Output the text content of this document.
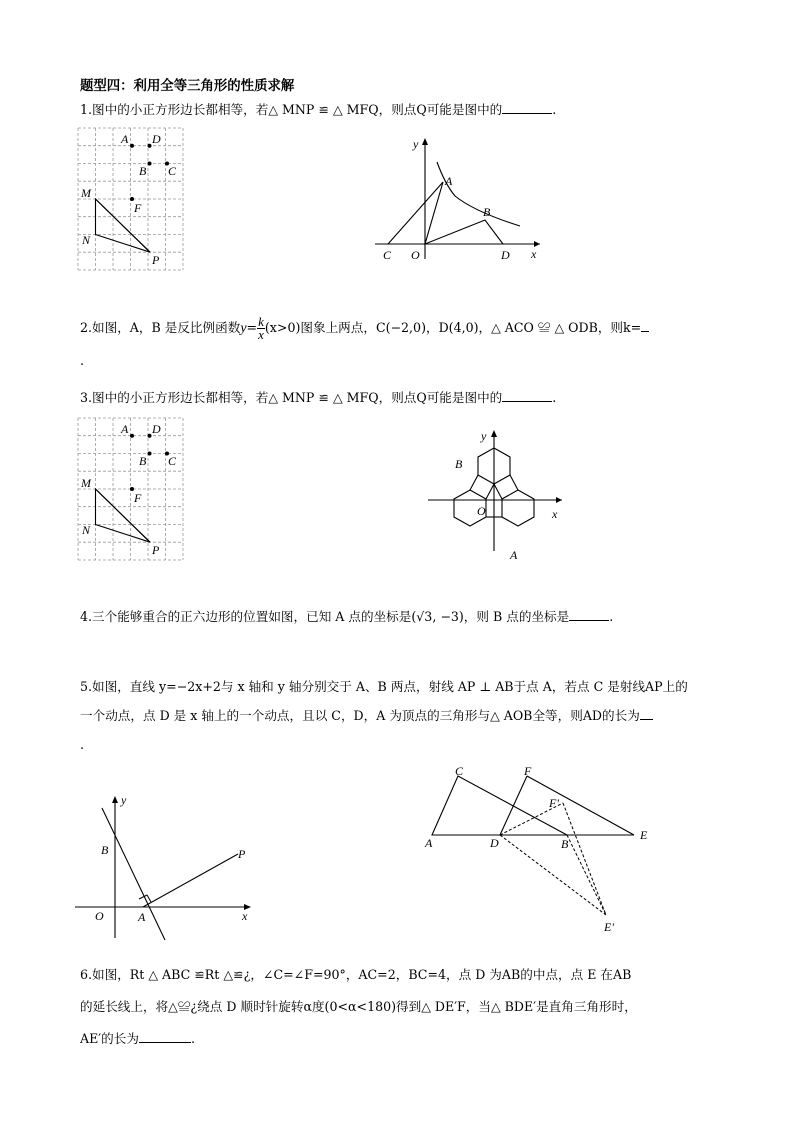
题型四：利用全等三角形的性质求解
1.图中的小正方形边长都相等，若△ MNP ≌ △ MFQ，则点Q可能是图中的	.
A D
B C
M
F
N
P
y
A
B
C O	D x
2.如图，A，B 是反比例函数$y= \frac{k}{x} (x>0)$图象上两点，C(−2,0)，D(4,0)，△ ACO ≌ △ ODB，则k=
.
3.图中的小正方形边长都相等，若△ MNP ≌ △ MFQ，则点Q可能是图中的	.
A D
B C
M
F
N
P
y
B
O	x
A
4.三个能够重合的正六边形的位置如图，已知 A 点的坐标是(√3, −3)，则 B 点的坐标是	.
5.如图，直线 y=−2x+2与 x 轴和 y 轴分别交于 A、B 两点，射线 AP ⊥ AB于点 A，若点 C 是射线AP上的
一个动点，点 D 是 x 轴上的一个动点，且以 C，D，A 为顶点的三角形与△ AOB全等，则AD的长为
.
y
B	P
O	A	x
C	F
F'
A	D	B
E
E'
6.如图，Rt △ ABC ≌Rt △≌¿，∠C=∠F=90°，AC=2，BC=4，点 D 为AB的中点，点 E 在AB
的延长线上，将△≌¿绕点 D 顺时针旋转α度(0<α<180)得到△ DE′F，当△ BDE′是直角三角形时，
AE′的长为	.
